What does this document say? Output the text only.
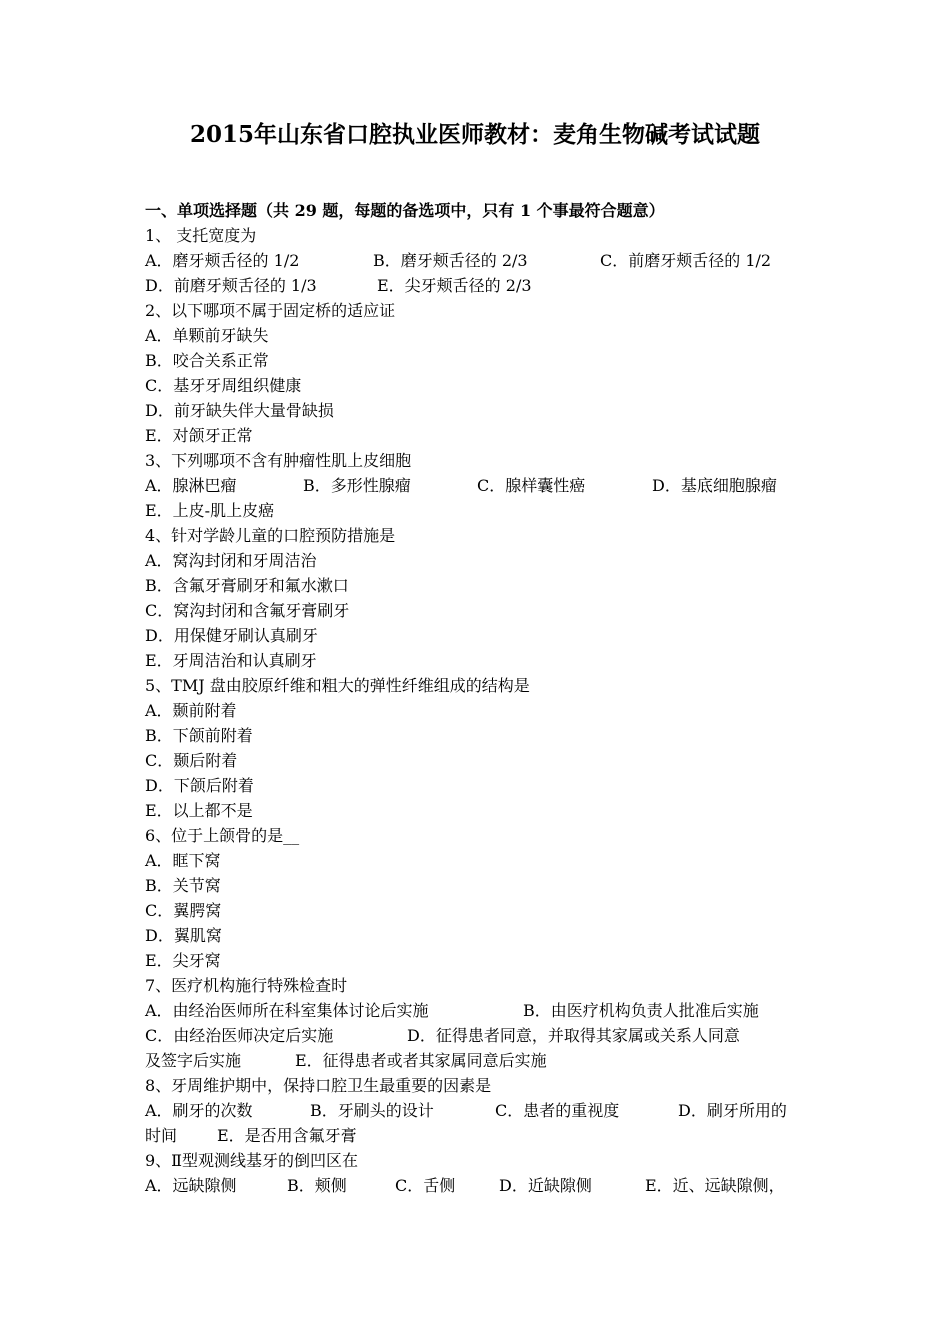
2015年山东省口腔执业医师教材：麦角生物碱考试试题
一、单项选择题（共 29 题，每题的备选项中，只有 1 个事最符合题意）
1、 支托宽度为
A．磨牙颊舌径的 1/2	B．磨牙颊舌径的 2/3	C．前磨牙颊舌径的 1/2
D．前磨牙颊舌径的 1/3	E．尖牙颊舌径的 2/3
2、以下哪项不属于固定桥的适应证
A．单颗前牙缺失
B．咬合关系正常
C．基牙牙周组织健康
D．前牙缺失伴大量骨缺损
E．对颌牙正常
3、下列哪项不含有肿瘤性肌上皮细胞
A．腺淋巴瘤	B．多形性腺瘤	C．腺样囊性癌	D．基底细胞腺瘤
E．上皮-肌上皮癌
4、针对学龄儿童的口腔预防措施是
A．窝沟封闭和牙周洁治
B．含氟牙膏刷牙和氟水漱口
C．窝沟封闭和含氟牙膏刷牙
D．用保健牙刷认真刷牙
E．牙周洁治和认真刷牙
5、TMJ 盘由胶原纤维和粗大的弹性纤维组成的结构是
A．颞前附着
B．下颌前附着
C．颞后附着
D．下颌后附着
E．以上都不是
6、位于上颌骨的是__
A．眶下窝
B．关节窝
C．翼腭窝
D．翼肌窝
E．尖牙窝
7、医疗机构施行特殊检查时
A．由经治医师所在科室集体讨论后实施	B．由医疗机构负责人批准后实施
C．由经治医师决定后实施	D．征得患者同意，并取得其家属或关系人同意
及签字后实施	E．征得患者或者其家属同意后实施
8、牙周维护期中，保持口腔卫生最重要的因素是
A．刷牙的次数	B．牙刷头的设计	C．患者的重视度	D．刷牙所用的
时间 E．是否用含氟牙膏
9、Ⅱ型观测线基牙的倒凹区在
A．远缺隙侧	B．颊侧	C．舌侧	D．近缺隙侧	E．近、远缺隙侧，
